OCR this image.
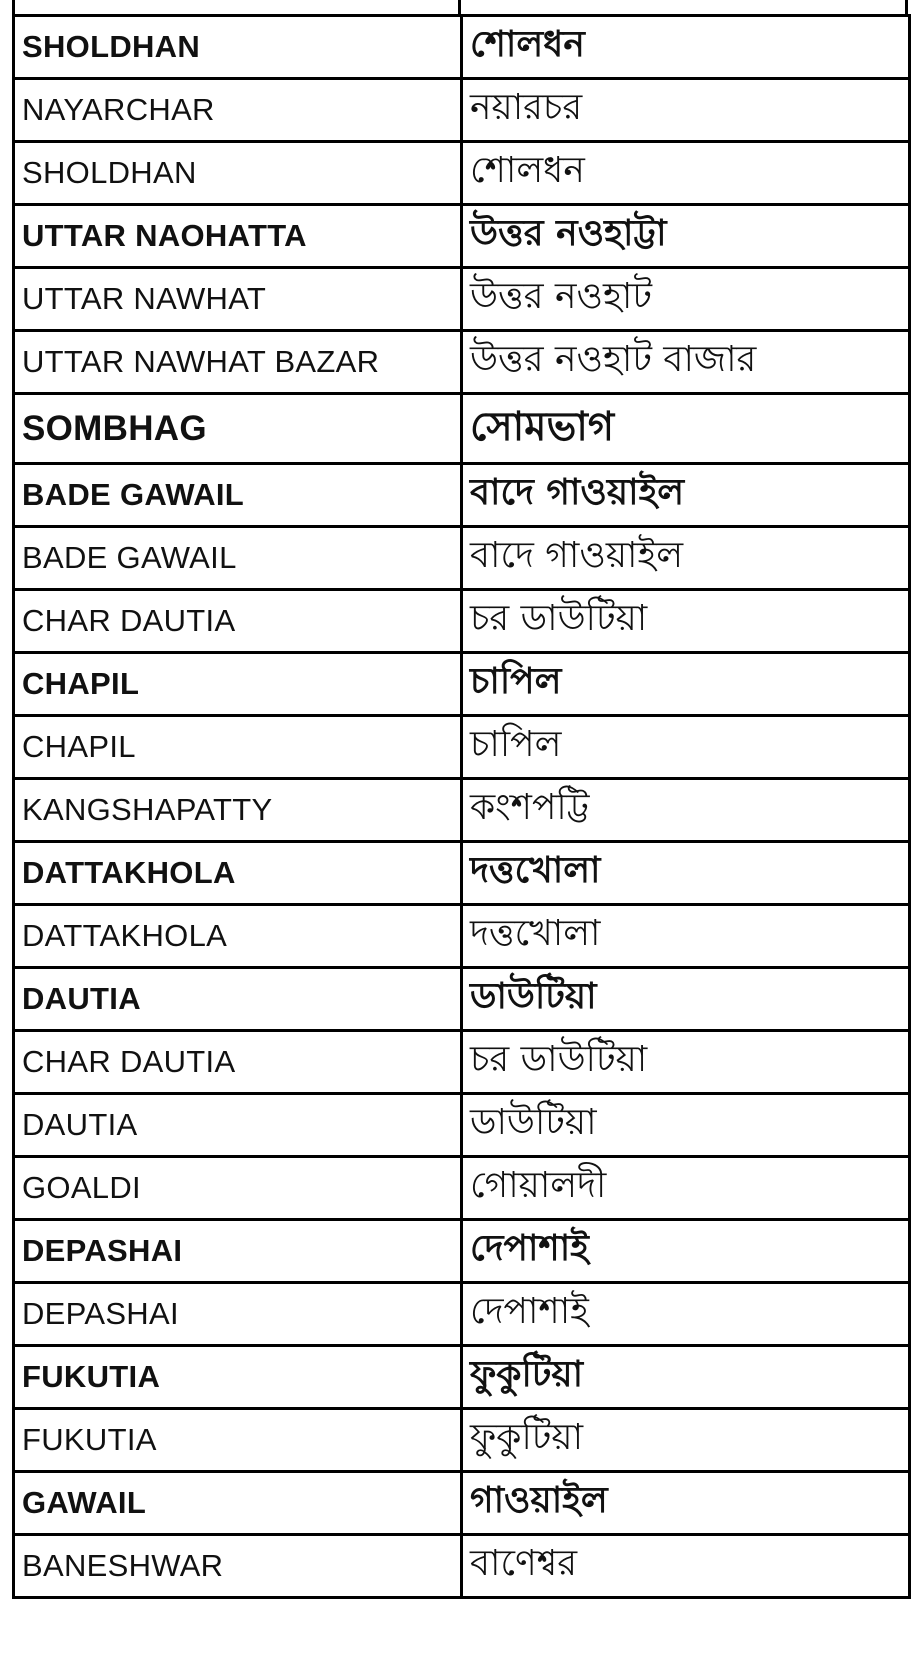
SHOLDHAN	শোলধন
NAYARCHAR	নয়ারচর
SHOLDHAN	শোলধন
UTTAR NAOHATTA	উত্তর নওহাট্টা
UTTAR NAWHAT	উত্তর নওহাট
UTTAR NAWHAT BAZAR	উত্তর নওহাট বাজার
SOMBHAG	সোমভাগ
BADE GAWAIL	বাদে গাওয়াইল
BADE GAWAIL	বাদে গাওয়াইল
CHAR DAUTIA	চর ডাউটিয়া
CHAPIL	চাপিল
CHAPIL	চাপিল
KANGSHAPATTY	কংশপট্টি
DATTAKHOLA	দত্তখোলা
DATTAKHOLA	দত্তখোলা
DAUTIA	ডাউটিয়া
CHAR DAUTIA	চর ডাউটিয়া
DAUTIA	ডাউটিয়া
GOALDI	গোয়ালদী
DEPASHAI	দেপাশাই
DEPASHAI	দেপাশাই
FUKUTIA	ফুকুটিয়া
FUKUTIA	ফুকুটিয়া
GAWAIL	গাওয়াইল
BANESHWAR	বাণেশ্বর
